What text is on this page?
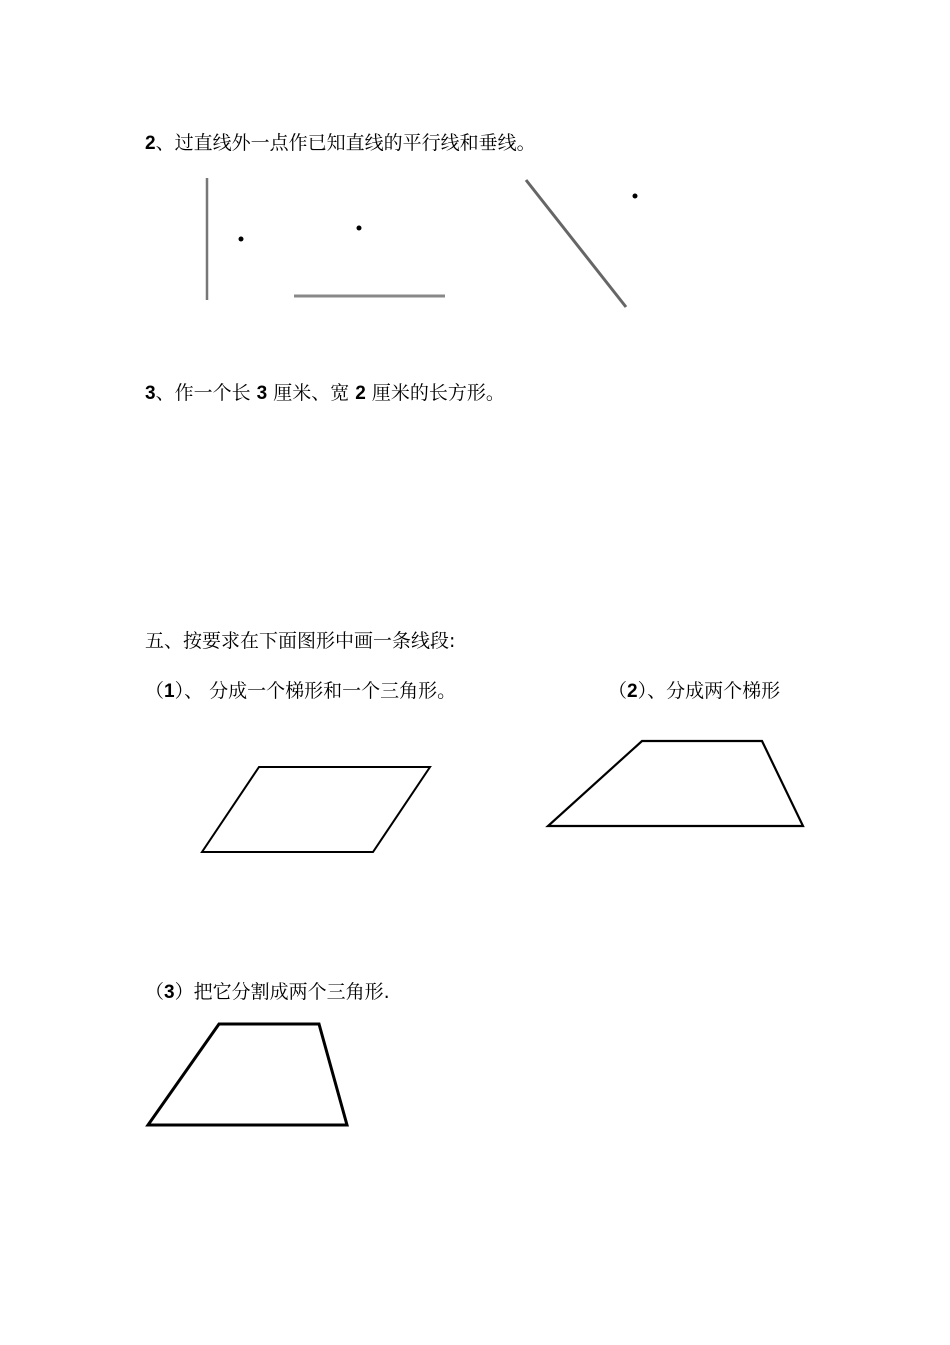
2、过直线外一点作已知直线的平行线和垂线。
3、作一个长 3 厘米、宽 2 厘米的长方形。
五、按要求在下面图形中画一条线段:
（1）、 分成一个梯形和一个三角形。	（2）、分成两个梯形
（3）把它分割成两个三角形.
